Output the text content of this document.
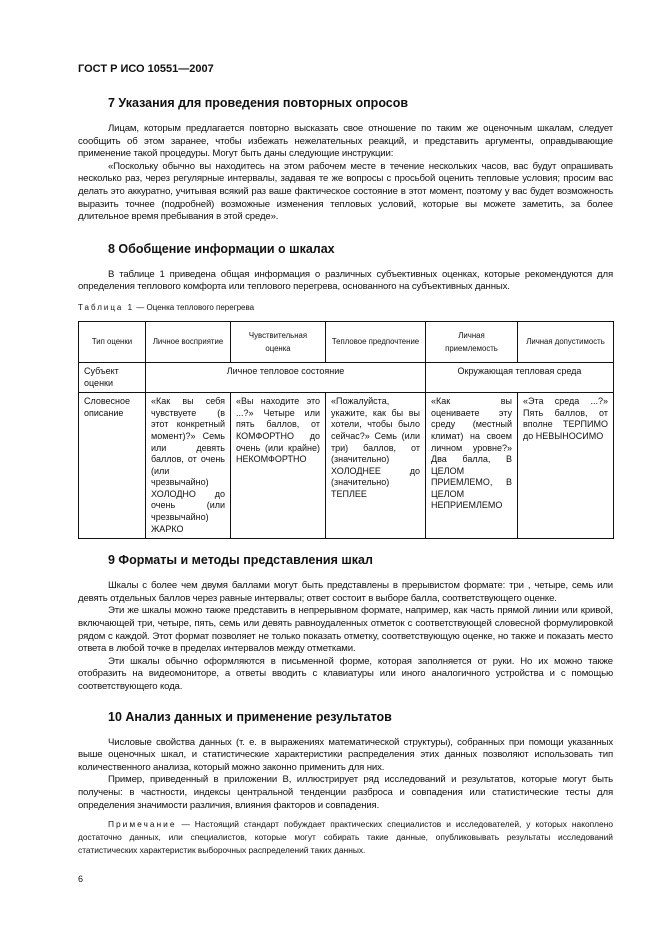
ГОСТ Р ИСО 10551—2007
7 Указания для проведения повторных опросов

Лицам, которым предлагается повторно высказать свое отношение по таким же оценочным шкалам, следует сообщить об этом заранее, чтобы избежать нежелательных реакций, и представить аргументы, оправдывающие применение такой процедуры. Могут быть даны следующие инструкции:

«Поскольку обычно вы находитесь на этом рабочем месте в течение нескольких часов, вас будут опрашивать несколько раз, через регулярные интервалы, задавая те же вопросы с просьбой оценить тепловые условия; просим вас делать это аккуратно, учитывая всякий раз ваше фактическое состояние в этот момент, поэтому у вас будет возможность выразить точнее (подробней) возможные изменения тепловых условий, которые вы можете заметить, за более длительное время пребывания в этой среде».

8 Обобщение информации о шкалах

В таблице 1 приведена общая информация о различных субъективных оценках, которые рекомендуются для определения теплового комфорта или теплового перегрева, основанного на субъективных данных.

Таблица 1 — Оценка теплового перегрева
Тип оценки	Личное восприятие	Чувствительная оценка	Тепловое предпочтение	Личная приемлемость	Личная допустимость
Субъект оценки	Личное тепловое состояние			Окружающая тепловая среда	
Словесное описание	«Как вы себя чувствуете (в этот конкретный момент)?» Семь или девять баллов, от очень (или чрезвычайно) ХОЛОДНО до очень (или чрезвычайно) ЖАРКО	«Вы находите это ...?» Четыре или пять баллов, от КОМФОРТНО до очень (или крайне) НЕКОМФОРТНО	«Пожалуйста, укажите, как бы вы хотели, чтобы было сейчас?» Семь (или три) баллов, от (значительно) ХОЛОДНЕЕ до (значительно) ТЕПЛЕЕ	«Как вы оцениваете эту среду (местный климат) на своем личном уровне?» Два балла, В ЦЕЛОМ ПРИЕМЛЕМО, В ЦЕЛОМ НЕПРИЕМЛЕМО	«Эта среда ...?» Пять баллов, от вполне ТЕРПИМО до НЕВЫНОСИМО
9 Форматы и методы представления шкал

Шкалы с более чем двумя баллами могут быть представлены в прерывистом формате: три , четыре, семь или девять отдельных баллов через равные интервалы; ответ состоит в выборе балла, соответствующего оценке.

Эти же шкалы можно также представить в непрерывном формате, например, как часть прямой линии или кривой, включающей три, четыре, пять, семь или девять равноудаленных отметок с соответствующей словесной формулировкой рядом с каждой. Этот формат позволяет не только показать отметку, соответствующую оценке, но также и показать место ответа в любой точке в пределах интервалов между отметками.

Эти шкалы обычно оформляются в письменной форме, которая заполняется от руки. Но их можно также отобразить на видеомониторе, а ответы вводить с клавиатуры или иного аналогичного устройства и с помощью соответствующего кода.

10 Анализ данных и применение результатов

Числовые свойства данных (т. е. в выражениях математической структуры), собранных при помощи указанных выше оценочных шкал, и статистические характеристики распределения этих данных позволяют использовать тип количественного анализа, который можно законно применить для них.

Пример, приведенный в приложении В, иллюстрирует ряд исследований и результатов, которые могут быть получены: в частности, индексы центральной тенденции разброса и совпадения или статистические тесты для определения значимости различия, влияния факторов и совпадения.

Примечание — Настоящий стандарт побуждает практических специалистов и исследователей, у которых накоплено достаточно данных, или специалистов, которые могут собирать такие данные, опубликовывать результаты исследований статистических характеристик выборочных распределений таких данных.

6
